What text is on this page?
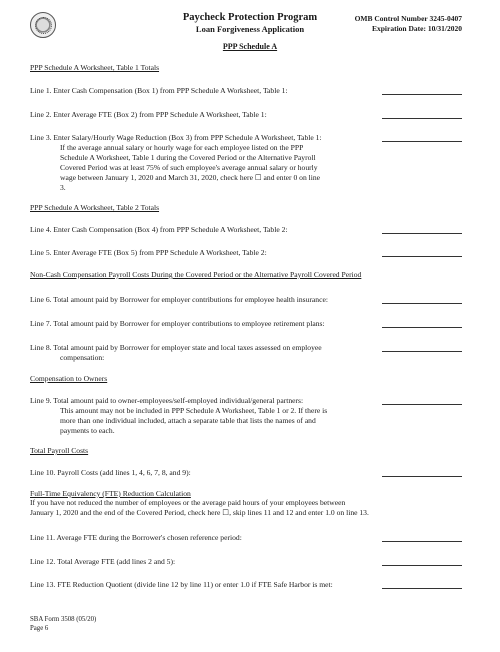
Paycheck Protection Program
Loan Forgiveness Application
OMB Control Number 3245-0407
Expiration Date: 10/31/2020
PPP Schedule A
PPP Schedule A Worksheet, Table 1 Totals
Line 1. Enter Cash Compensation (Box 1) from PPP Schedule A Worksheet, Table 1:
Line 2. Enter Average FTE (Box 2) from PPP Schedule A Worksheet, Table 1:
Line 3. Enter Salary/Hourly Wage Reduction (Box 3) from PPP Schedule A Worksheet, Table 1:
If the average annual salary or hourly wage for each employee listed on the PPP
Schedule A Worksheet, Table 1 during the Covered Period or the Alternative Payroll
Covered Period was at least 75% of such employee's average annual salary or hourly
wage between January 1, 2020 and March 31, 2020, check here ☐ and enter 0 on line
3.
PPP Schedule A Worksheet, Table 2 Totals
Line 4. Enter Cash Compensation (Box 4) from PPP Schedule A Worksheet, Table 2:
Line 5. Enter Average FTE (Box 5) from PPP Schedule A Worksheet, Table 2:
Non-Cash Compensation Payroll Costs During the Covered Period or the Alternative Payroll Covered Period
Line 6. Total amount paid by Borrower for employer contributions for employee health insurance:
Line 7. Total amount paid by Borrower for employer contributions to employee retirement plans:
Line 8. Total amount paid by Borrower for employer state and local taxes assessed on employee
compensation:
Compensation to Owners
Line 9. Total amount paid to owner-employees/self-employed individual/general partners:
This amount may not be included in PPP Schedule A Worksheet, Table 1 or 2. If there is
more than one individual included, attach a separate table that lists the names of and
payments to each.
Total Payroll Costs
Line 10. Payroll Costs (add lines 1, 4, 6, 7, 8, and 9):
Full-Time Equivalency (FTE) Reduction Calculation
If you have not reduced the number of employees or the average paid hours of your employees between
January 1, 2020 and the end of the Covered Period, check here ☐, skip lines 11 and 12 and enter 1.0 on line 13.
Line 11. Average FTE during the Borrower's chosen reference period:
Line 12. Total Average FTE (add lines 2 and 5):
Line 13. FTE Reduction Quotient (divide line 12 by line 11) or enter 1.0 if FTE Safe Harbor is met:
SBA Form 3508 (05/20)
Page 6
